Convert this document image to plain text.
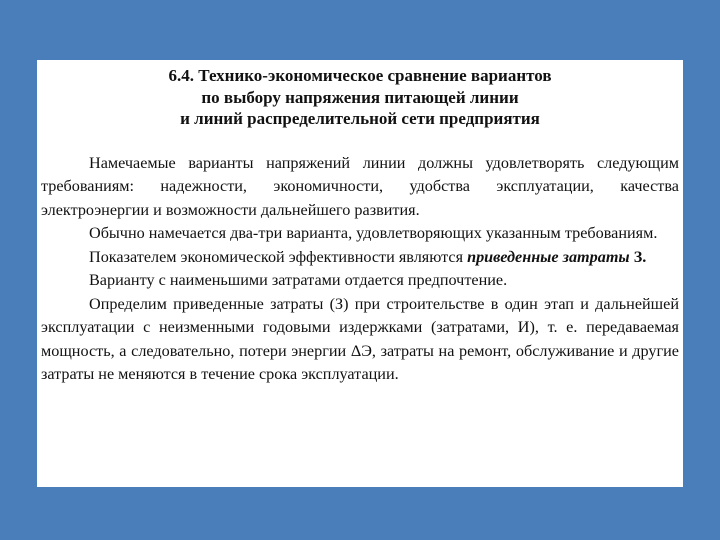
6.4. Технико-экономическое сравнение вариантов
по выбору напряжения питающей линии
и линий распределительной сети предприятия

Намечаемые варианты напряжений линии должны удовлетворять следующим требованиям: надежности, экономичности, удобства эксплуатации, качества электроэнергии и возможности дальнейшего развития.

Обычно намечается два-три варианта, удовлетворяющих указанным требованиям.

Показателем экономической эффективности являются приведенные затраты З.

Варианту с наименьшими затратами отдается предпочтение.

Определим приведенные затраты (З) при строительстве в один этап и дальнейшей эксплуатации с неизменными годовыми издержками (затратами, И), т. е. передаваемая мощность, а следовательно, потери энергии ΔЭ, затраты на ремонт, обслуживание и другие затраты не меняются в течение срока эксплуатации.
